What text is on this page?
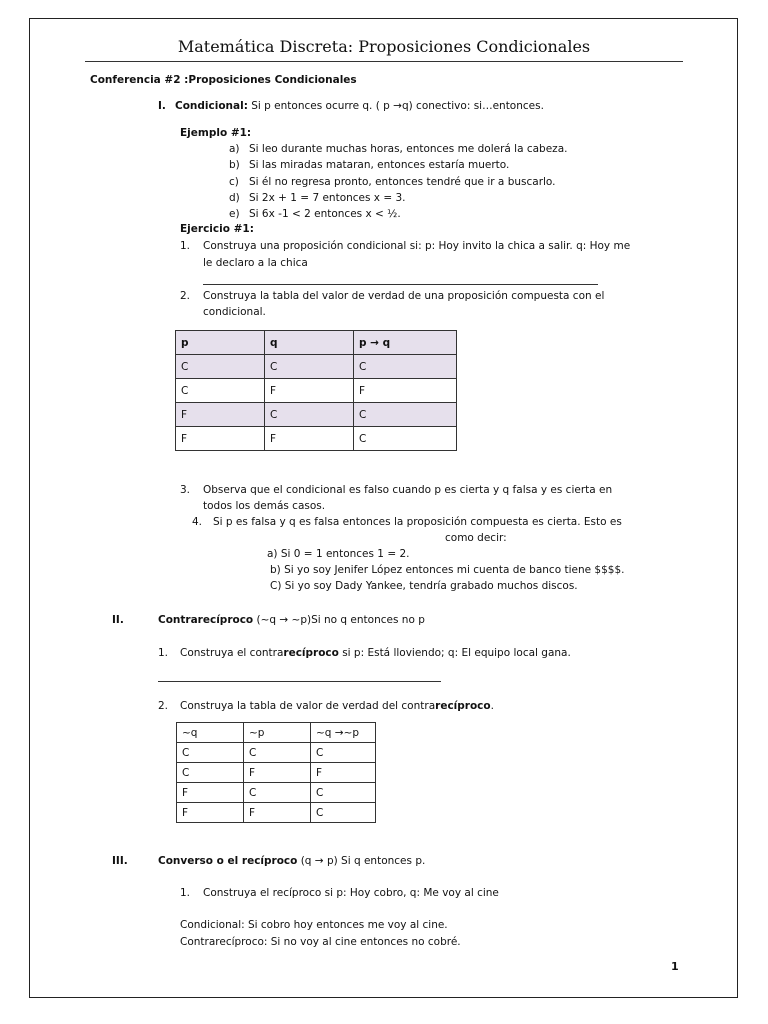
Matemática Discreta: Proposiciones Condicionales
Conferencia #2 :Proposiciones Condicionales
I. Condicional: Si p entonces ocurre q. ( p →q) conectivo: si…entonces.
Ejemplo #1:
a) Si leo durante muchas horas, entonces me dolerá la cabeza.
b) Si las miradas mataran, entonces estaría muerto.
c) Si él no regresa pronto, entonces tendré que ir a buscarlo.
d) Si 2x + 1 = 7 entonces x = 3.
e) Si 6x -1 < 2 entonces x < ½.
Ejercicio #1:
1. Construya una proposición condicional si: p: Hoy invito la chica a salir. q: Hoy me
le declaro a la chica
2. Construya la tabla del valor de verdad de una proposición compuesta con el
condicional.
p	q	p → q
C	C	C
C	F	F
F	C	C
F	F	C
3. Observa que el condicional es falso cuando p es cierta y q falsa y es cierta en
todos los demás casos.
4. Si p es falsa y q es falsa entonces la proposición compuesta es cierta. Esto es
como decir:
a) Si 0 = 1 entonces 1 = 2.
b) Si yo soy Jenifer López entonces mi cuenta de banco tiene $$$$.
C) Si yo soy Dady Yankee, tendría grabado muchos discos.
II.	Contrarecíproco (~q → ~p)Si no q entonces no p
1. Construya el contrarecíproco si p: Está lloviendo; q: El equipo local gana.
2. Construya la tabla de valor de verdad del contrarecíproco.
~q	~p	~q →~p
C	C	C
C	F	F
F	C	C
F	F	C
III.	Converso o el recíproco (q → p) Si q entonces p.
1. Construya el recíproco si p: Hoy cobro, q: Me voy al cine
Condicional: Si cobro hoy entonces me voy al cine.
Contrarecíproco: Si no voy al cine entonces no cobré.
1
